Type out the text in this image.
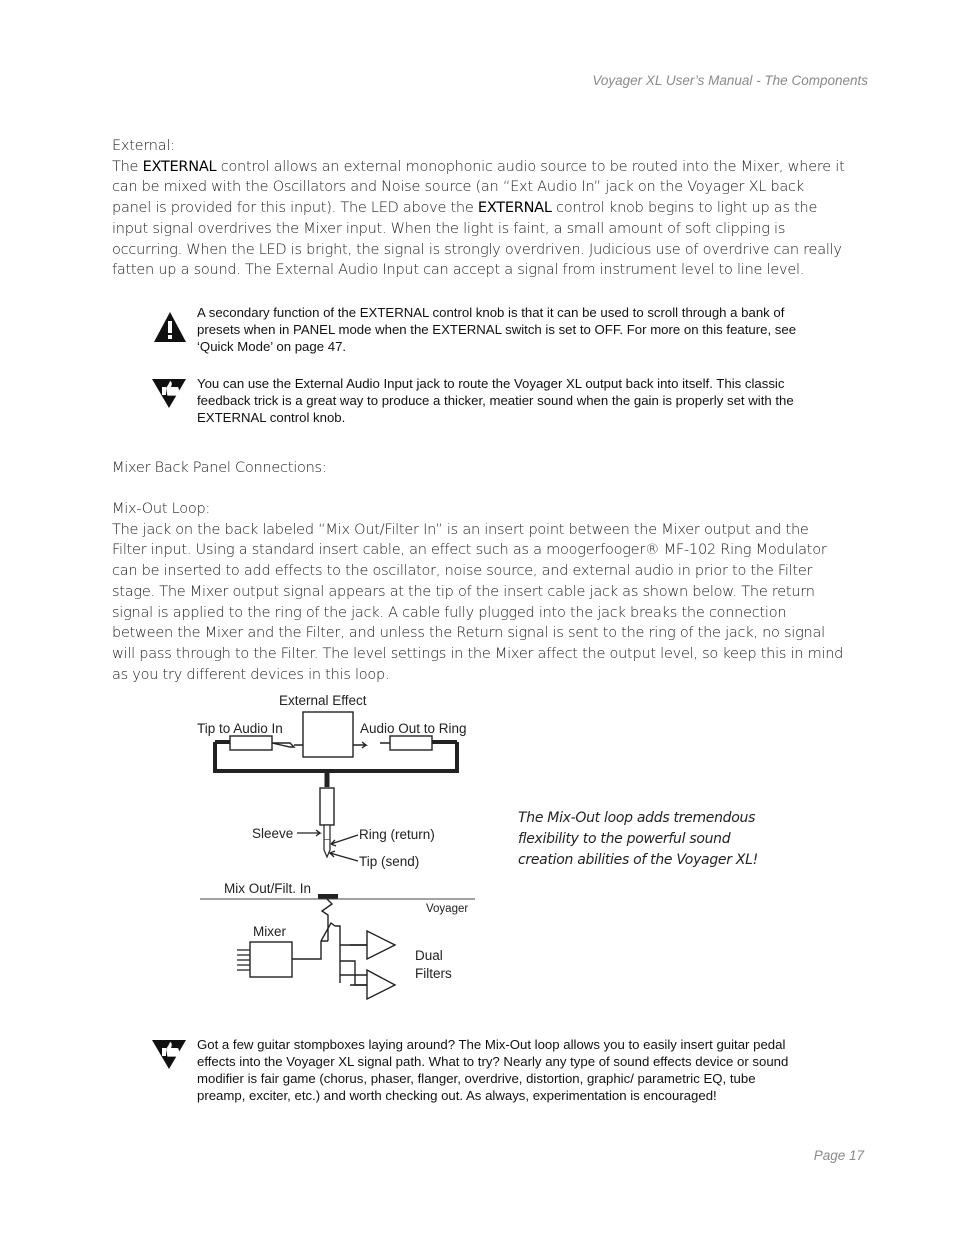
Voyager XL User’s Manual - The Components

External:

The EXTERNAL control allows an external monophonic audio source to be routed into the Mixer, where it can be mixed with the Oscillators and Noise source (an “Ext Audio In” jack on the Voyager XL back panel is provided for this input). The LED above the EXTERNAL control knob begins to light up as the input signal overdrives the Mixer input. When the light is faint, a small amount of soft clipping is occurring. When the LED is bright, the signal is strongly overdriven. Judicious use of overdrive can really fatten up a sound. The External Audio Input can accept a signal from instrument level to line level.

A secondary function of the EXTERNAL control knob is that it can be used to scroll through a bank of presets when in PANEL mode when the EXTERNAL switch is set to OFF. For more on this feature, see ‘Quick Mode’ on page 47.
You can use the External Audio Input jack to route the Voyager XL output back into itself. This classic feedback trick is a great way to produce a thicker, meatier sound when the gain is properly set with the EXTERNAL control knob.
Mixer Back Panel Connections:

Mix-Out Loop:

The jack on the back labeled “Mix Out/Filter In” is an insert point between the Mixer output and the Filter input. Using a standard insert cable, an effect such as a moogerfooger® MF-102 Ring Modulator can be inserted to add effects to the oscillator, noise source, and external audio in prior to the Filter stage. The Mixer output signal appears at the tip of the insert cable jack as shown below. The return signal is applied to the ring of the jack. A cable fully plugged into the jack breaks the connection between the Mixer and the Filter, and unless the Return signal is sent to the ring of the jack, no signal will pass through to the Filter. The level settings in the Mixer affect the output level, so keep this in mind as you try different devices in this loop.

External Effect
Tip to Audio In	Audio Out to Ring
Sleeve	Ring (return)
Tip (send)
Mix Out/Filt. In
Voyager
Mixer
Dual
Filters
The Mix-Out loop adds tremendous flexibility to the powerful sound creation abilities of the Voyager XL!
Got a few guitar stompboxes laying around? The Mix-Out loop allows you to easily insert guitar pedal effects into the Voyager XL signal path. What to try? Nearly any type of sound effects device or sound modifier is fair game (chorus, phaser, flanger, overdrive, distortion, graphic/ parametric EQ, tube preamp, exciter, etc.) and worth checking out. As always, experimentation is encouraged!
Page 17
